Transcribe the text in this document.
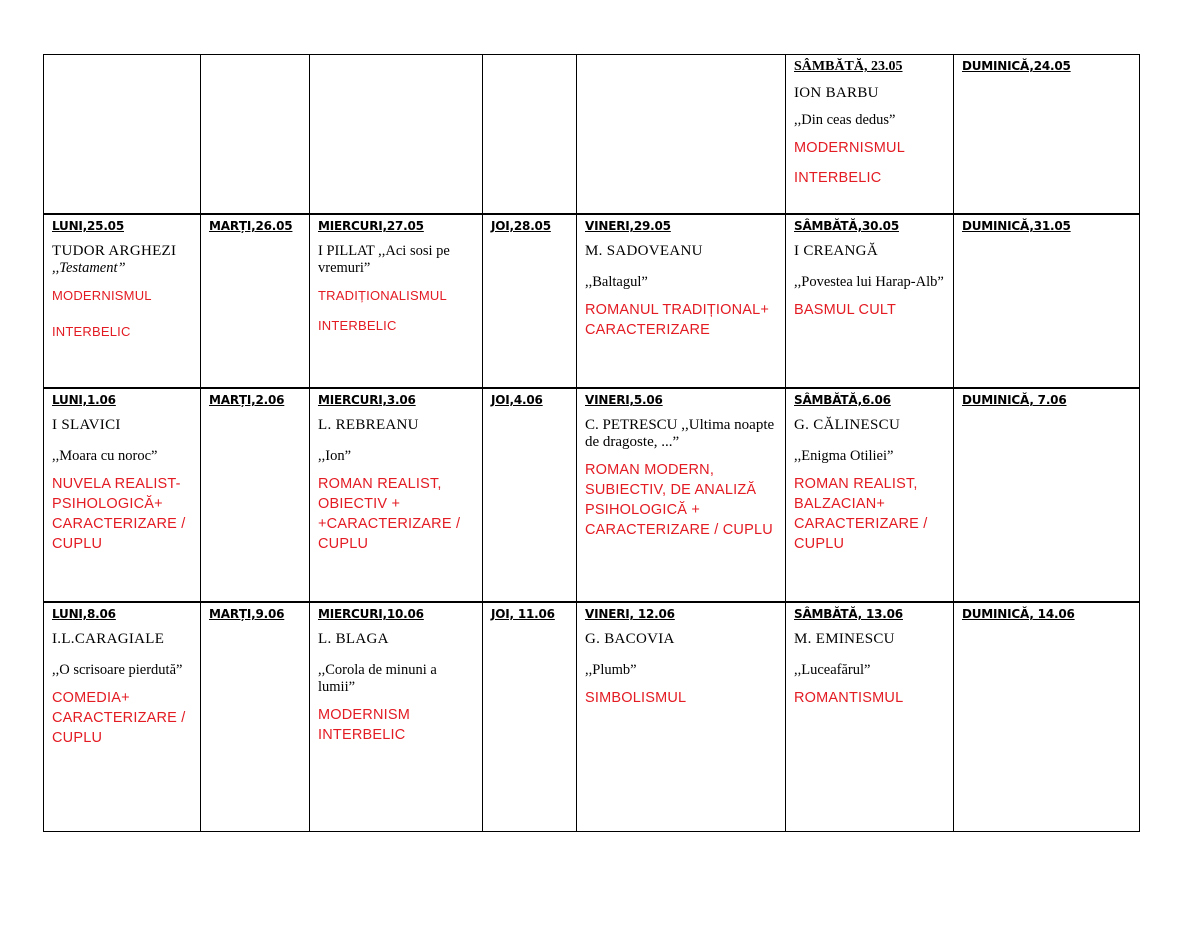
					SÂMBĂTĂ, 23.05
ION BARBU
,,Din ceas dedus”
MODERNISMUL
INTERBELIC	DUMINICĂ,24.05

LUNI,25.05
TUDOR ARGHEZI
,,Testament”
MODERNISMUL
INTERBELIC	MARȚI,26.05	MIERCURI,27.05
I PILLAT ,,Aci sosi pe vremuri”
TRADIȚIONALISMUL
INTERBELIC	JOI,28.05	VINERI,29.05
M. SADOVEANU
,,Baltagul”
ROMANUL TRADIȚIONAL+ CARACTERIZARE	SÂMBĂTĂ,30.05
I CREANGĂ
,,Povestea lui Harap-Alb”
BASMUL CULT	DUMINICĂ,31.05

LUNI,1.06
I SLAVICI
,,Moara cu noroc”
NUVELA REALIST-PSIHOLOGICĂ+ CARACTERIZARE / CUPLU	MARȚI,2.06	MIERCURI,3.06
L. REBREANU
,,Ion”
ROMAN REALIST, OBIECTIV + +CARACTERIZARE / CUPLU	JOI,4.06	VINERI,5.06
C. PETRESCU ,,Ultima noapte de dragoste, ...”
ROMAN MODERN, SUBIECTIV, DE ANALIZĂ PSIHOLOGICĂ + CARACTERIZARE / CUPLU	SÂMBĂTĂ,6.06
G. CĂLINESCU
,,Enigma Otiliei”
ROMAN REALIST, BALZACIAN+ CARACTERIZARE / CUPLU	DUMINICĂ, 7.06

LUNI,8.06
I.L.CARAGIALE
,,O scrisoare pierdută”
COMEDIA+ CARACTERIZARE / CUPLU	MARȚI,9.06	MIERCURI,10.06
L. BLAGA
,,Corola de minuni a lumii”
MODERNISM INTERBELIC	JOI, 11.06	VINERI, 12.06
G. BACOVIA
,,Plumb”
SIMBOLISMUL	SÂMBĂTĂ, 13.06
M. EMINESCU
,,Luceafărul”
ROMANTISMUL	DUMINICĂ, 14.06
